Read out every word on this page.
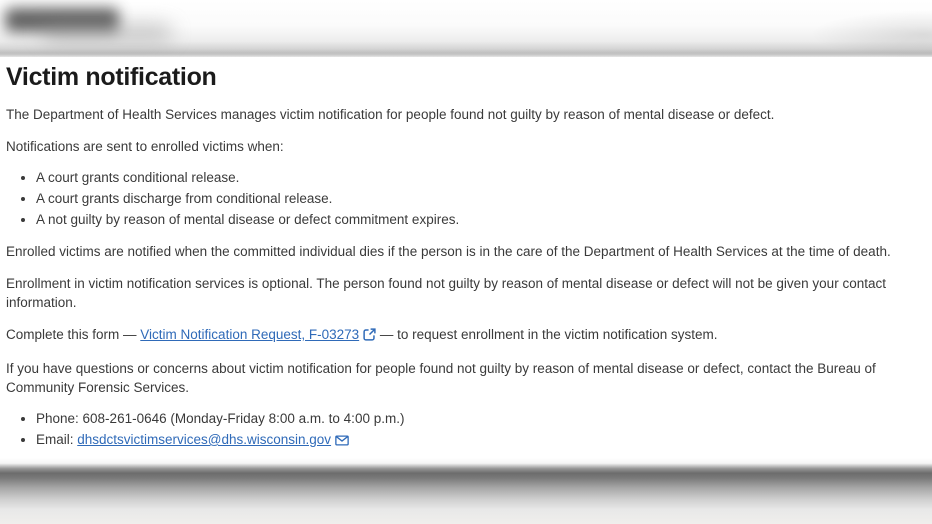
Victim notification

The Department of Health Services manages victim notification for people found not guilty by reason of mental disease or defect.

Notifications are sent to enrolled victims when:

• A court grants conditional release.
• A court grants discharge from conditional release.
• A not guilty by reason of mental disease or defect commitment expires.

Enrolled victims are notified when the committed individual dies if the person is in the care of the Department of Health Services at the time of death.

Enrollment in victim notification services is optional. The person found not guilty by reason of mental disease or defect will not be given your contact information.

Complete this form — Victim Notification Request, F-03273 — to request enrollment in the victim notification system.

If you have questions or concerns about victim notification for people found not guilty by reason of mental disease or defect, contact the Bureau of Community Forensic Services.

• Phone: 608-261-0646 (Monday-Friday 8:00 a.m. to 4:00 p.m.)
• Email: dhsdctsvictimservices@dhs.wisconsin.gov
